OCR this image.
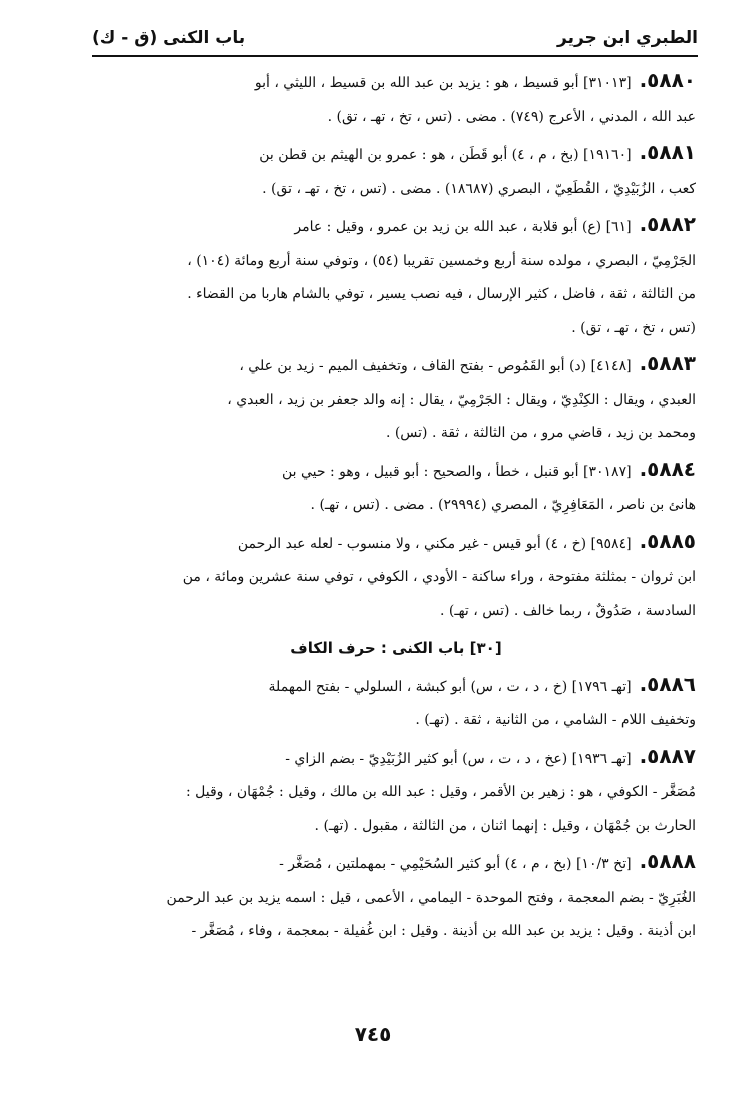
الطبري ابن جرير
باب الكنى (ق - ك)
٥٨٨٠.[٣١٠١٣] أبو قسيط ، هو : يزيد بن عبد الله بن قسيط ، الليثي ، أبو
عبد الله ، المدني ، الأعرج (٧٤٩) . مضى . (تس ، تخ ، تهـ ، تق) .
٥٨٨١.[١٩١٦٠] (بخ ، م ، ٤) أبو قَطَن ، هو : عمرو بن الهيثم بن قطن بن
كعب ، الزُبَيْدِيّ ، القُطَعِيّ ، البصري (١٨٦٨٧) . مضى . (تس ، تخ ، تهـ ، تق) .
٥٨٨٢.[٦١] (ع) أبو قلابة ، عبد الله بن زيد بن عمرو ، وقيل : عامر
الجَرْمِيّ ، البصري ، مولده سنة أربع وخمسين تقريبا (٥٤) ، وتوفي سنة أربع ومائة (١٠٤) ،
من الثالثة ، ثقة ، فاضل ، كثير الإرسال ، فيه نصب يسير ، توفي بالشام هاربا من القضاء .
(تس ، تخ ، تهـ ، تق) .
٥٨٨٣.[٤١٤٨] (د) أبو القَمُوص - بفتح القاف ، وتخفيف الميم - زيد بن علي ،
العبدي ، ويقال : الكِنْدِيّ ، ويقال : الجَرْمِيّ ، يقال : إنه والد جعفر بن زيد ، العبدي ،
ومحمد بن زيد ، قاضي مرو ، من الثالثة ، ثقة . (تس) .
٥٨٨٤.[٣٠١٨٧] أبو قنبل ، خطأ ، والصحيح : أبو قبيل ، وهو : حيي بن
هانئ بن ناصر ، المَعَافِرِيّ ، المصري (٢٩٩٩٤) . مضى . (تس ، تهـ) .
٥٨٨٥.[٩٥٨٤] (خ ، ٤) أبو قيس - غير مكني ، ولا منسوب - لعله عبد الرحمن
ابن ثروان - بمثلثة مفتوحة ، وراء ساكنة - الأودي ، الكوفي ، توفي سنة عشرين ومائة ، من
السادسة ، صَدُوقٌ ، ربما خالف . (تس ، تهـ) .
[٣٠] باب الكنى : حرف الكاف
٥٨٨٦.[تهـ ١٧٩٦] (خ ، د ، ت ، س) أبو كبشة ، السلولي - بفتح المهملة
وتخفيف اللام - الشامي ، من الثانية ، ثقة . (تهـ) .
٥٨٨٧.[تهـ ١٩٣٦] (عخ ، د ، ت ، س) أبو كثير الزُبَيْدِيّ - بضم الزاي -
مُصَغَّر - الكوفي ، هو : زهير بن الأقمر ، وقيل : عبد الله بن مالك ، وقيل : جُمْهَان ، وقيل :
الحارث بن جُمْهَان ، وقيل : إنهما اثنان ، من الثالثة ، مقبول . (تهـ) .
٥٨٨٨.[تخ ١٠/٣] (بخ ، م ، ٤) أبو كثير السُحَيْمِي - بمهملتين ، مُصَغَّر -
الغُبَرِيّ - بضم المعجمة ، وفتح الموحدة - اليمامي ، الأعمى ، قيل : اسمه يزيد بن عبد الرحمن
ابن أذينة . وقيل : يزيد بن عبد الله بن أذينة . وقيل : ابن غُفيلة - بمعجمة ، وفاء ، مُصَغَّر -
٧٤٥
